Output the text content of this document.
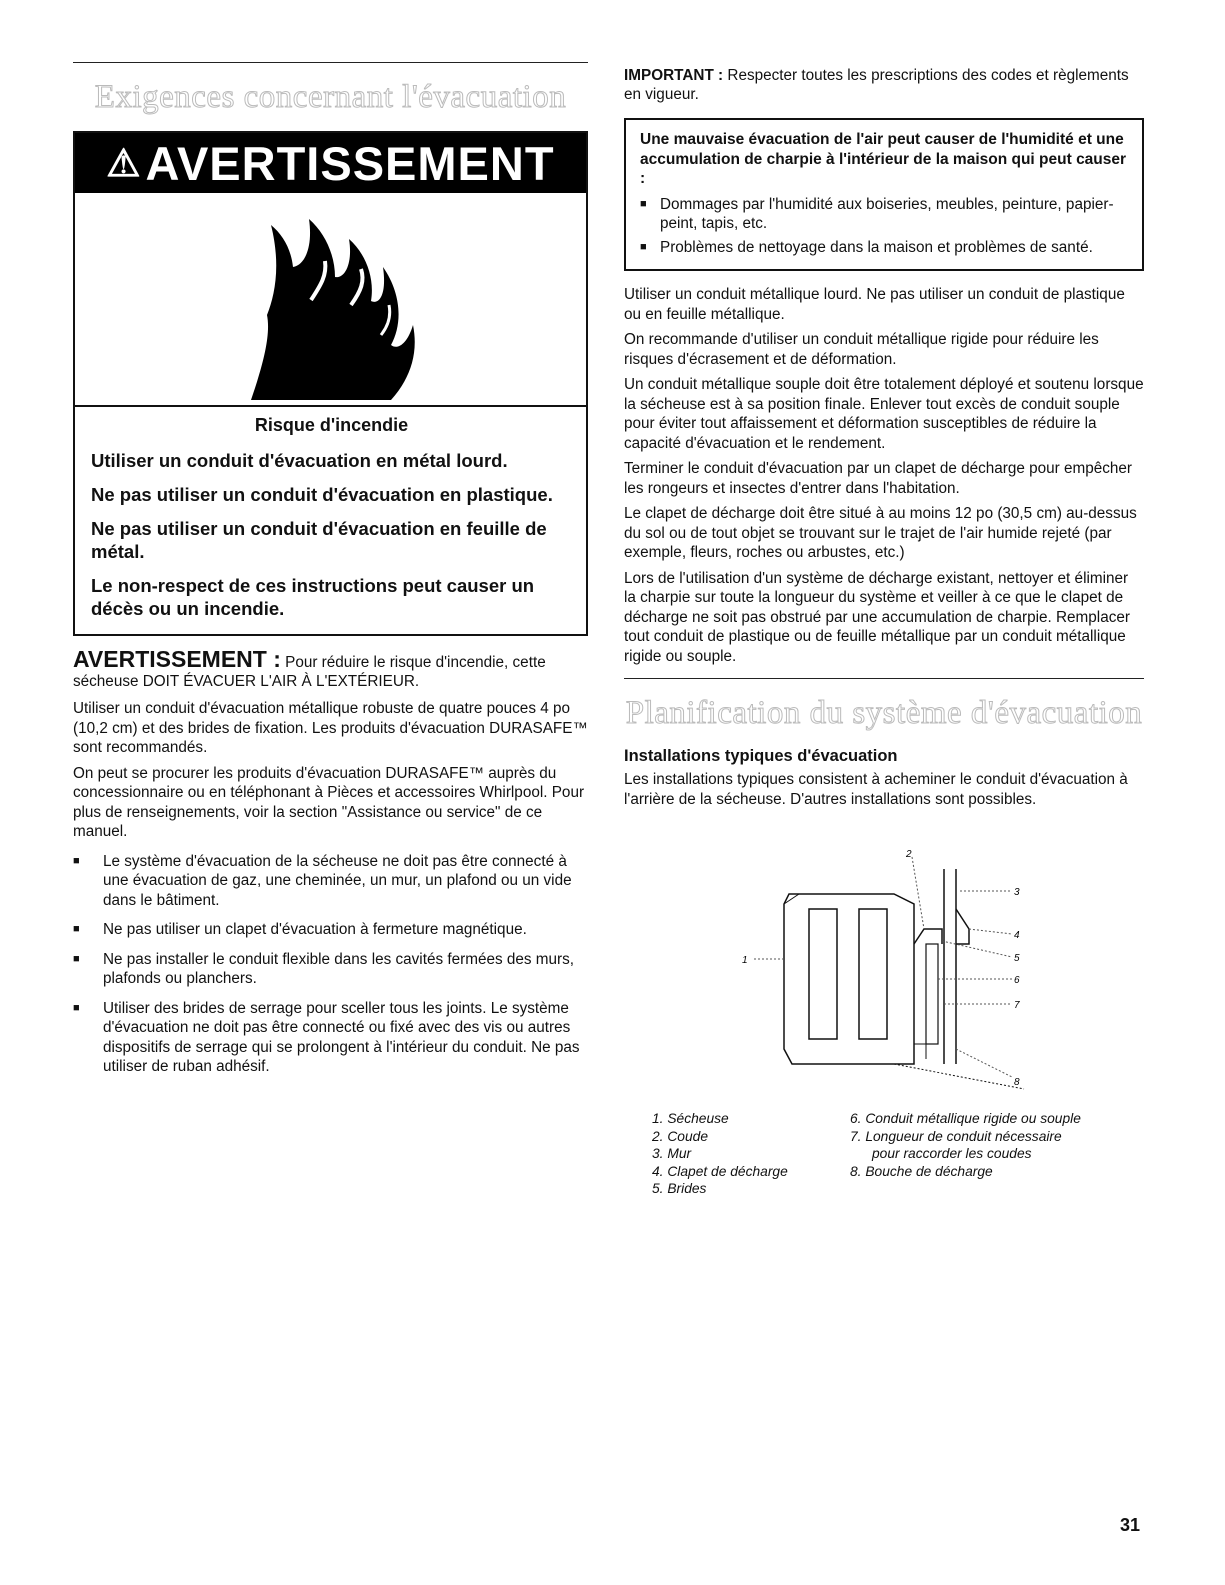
Exigences concernant l'évacuation
⚠ AVERTISSEMENT

Risque d'incendie

Utiliser un conduit d'évacuation en métal lourd.

Ne pas utiliser un conduit d'évacuation en plastique.

Ne pas utiliser un conduit d'évacuation en feuille de métal.

Le non-respect de ces instructions peut causer un décès ou un incendie.

AVERTISSEMENT : Pour réduire le risque d'incendie, cette sécheuse DOIT ÉVACUER L'AIR À L'EXTÉRIEUR.

Utiliser un conduit d'évacuation métallique robuste de quatre pouces 4 po (10,2 cm) et des brides de fixation. Les produits d'évacuation DURASAFE™ sont recommandés.

On peut se procurer les produits d'évacuation DURASAFE™ auprès du concessionnaire ou en téléphonant à Pièces et accessoires Whirlpool. Pour plus de renseignements, voir la section "Assistance ou service" de ce manuel.

■ Le système d'évacuation de la sécheuse ne doit pas être connecté à une évacuation de gaz, une cheminée, un mur, un plafond ou un vide dans le bâtiment.
■ Ne pas utiliser un clapet d'évacuation à fermeture magnétique.
■ Ne pas installer le conduit flexible dans les cavités fermées des murs, plafonds ou planchers.
■ Utiliser des brides de serrage pour sceller tous les joints. Le système d'évacuation ne doit pas être connecté ou fixé avec des vis ou autres dispositifs de serrage qui se prolongent à l'intérieur du conduit. Ne pas utiliser de ruban adhésif.

IMPORTANT : Respecter toutes les prescriptions des codes et règlements en vigueur.

Une mauvaise évacuation de l'air peut causer de l'humidité et une accumulation de charpie à l'intérieur de la maison qui peut causer :
■ Dommages par l'humidité aux boiseries, meubles, peinture, papier-peint, tapis, etc.
■ Problèmes de nettoyage dans la maison et problèmes de santé.

Utiliser un conduit métallique lourd. Ne pas utiliser un conduit de plastique ou en feuille métallique.

On recommande d'utiliser un conduit métallique rigide pour réduire les risques d'écrasement et de déformation.

Un conduit métallique souple doit être totalement déployé et soutenu lorsque la sécheuse est à sa position finale. Enlever tout excès de conduit souple pour éviter tout affaissement et déformation susceptibles de réduire la capacité d'évacuation et le rendement.

Terminer le conduit d'évacuation par un clapet de décharge pour empêcher les rongeurs et insectes d'entrer dans l'habitation.

Le clapet de décharge doit être situé à au moins 12 po (30,5 cm) au-dessus du sol ou de tout objet se trouvant sur le trajet de l'air humide rejeté (par exemple, fleurs, roches ou arbustes, etc.)

Lors de l'utilisation d'un système de décharge existant, nettoyer et éliminer la charpie sur toute la longueur du système et veiller à ce que le clapet de décharge ne soit pas obstrué par une accumulation de charpie. Remplacer tout conduit de plastique ou de feuille métallique par un conduit métallique rigide ou souple.

Planification du système d'évacuation
Installations typiques d'évacuation

Les installations typiques consistent à acheminer le conduit d'évacuation à l'arrière de la sécheuse. D'autres installations sont possibles.

1
2
3
4
5
6
7
8
1. Sécheuse
2. Coude
3. Mur
4. Clapet de décharge
5. Brides
6. Conduit métallique rigide ou souple
7. Longueur de conduit nécessaire
pour raccorder les coudes
8. Bouche de décharge
31
